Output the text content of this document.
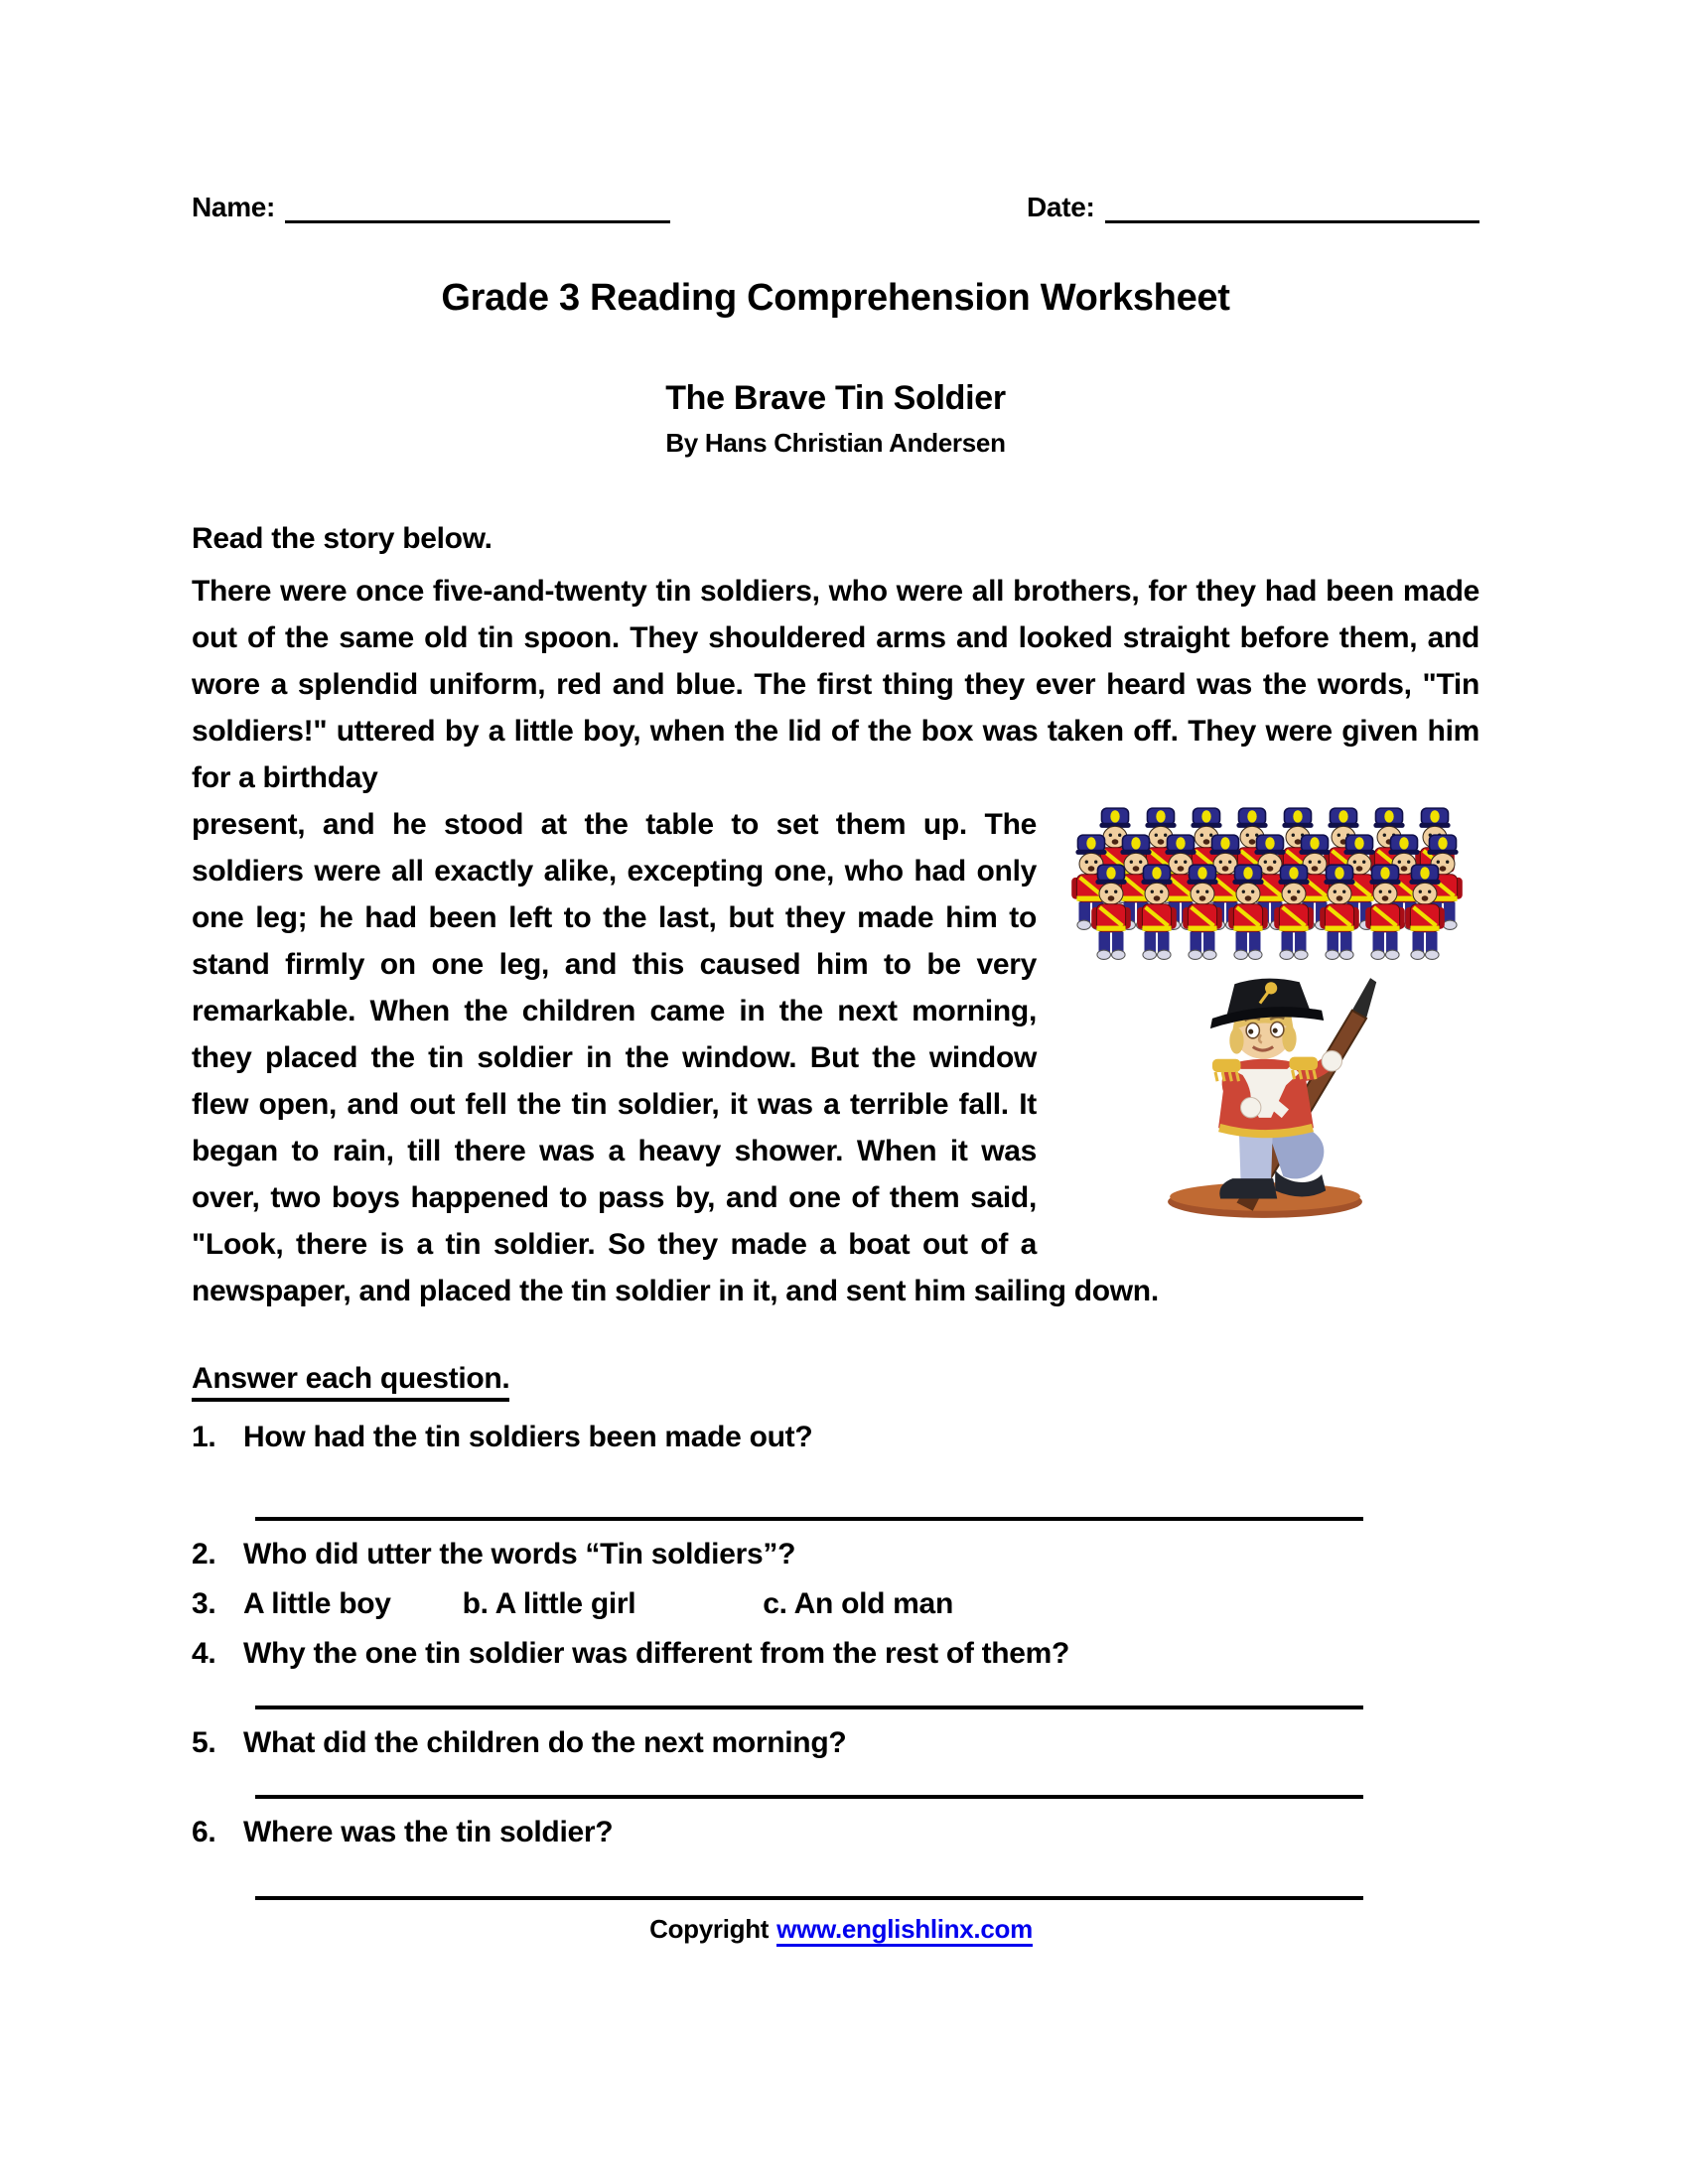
Name:	Date:
Grade 3 Reading Comprehension Worksheet
The Brave Tin Soldier
By Hans Christian Andersen
Read the story below.

There were once five-and-twenty tin soldiers, who were all brothers, for they had been made out of the same old tin spoon. They shouldered arms and looked straight before them, and wore a splendid uniform, red and blue. The first thing they ever heard was the words, "Tin soldiers!" uttered by a little boy, when the lid of the box was taken off. They were given him for a birthday

present, and he stood at the table to set them up. The soldiers were all exactly alike, excepting one, who had only one leg; he had been left to the last, but they made him to stand firmly on one leg, and this caused him to be very remarkable. When the children came in the next morning, they placed the tin soldier in the window. But the window flew open, and out fell the tin soldier, it was a terrible fall. It began to rain, till there was a heavy shower. When it was over, two boys happened to pass by, and one of them said, "Look, there is a tin soldier. So they made a boat out of a newspaper, and placed the tin soldier in it, and sent him sailing down.

Answer each question.
1. How had the tin soldiers been made out?
2. Who did utter the words “Tin soldiers”?
3. A little boy b. A little girl	c. An old man
4. Why the one tin soldier was different from the rest of them?
5. What did the children do the next morning?
6. Where was the tin soldier?
Copyright www.englishlinx.com
